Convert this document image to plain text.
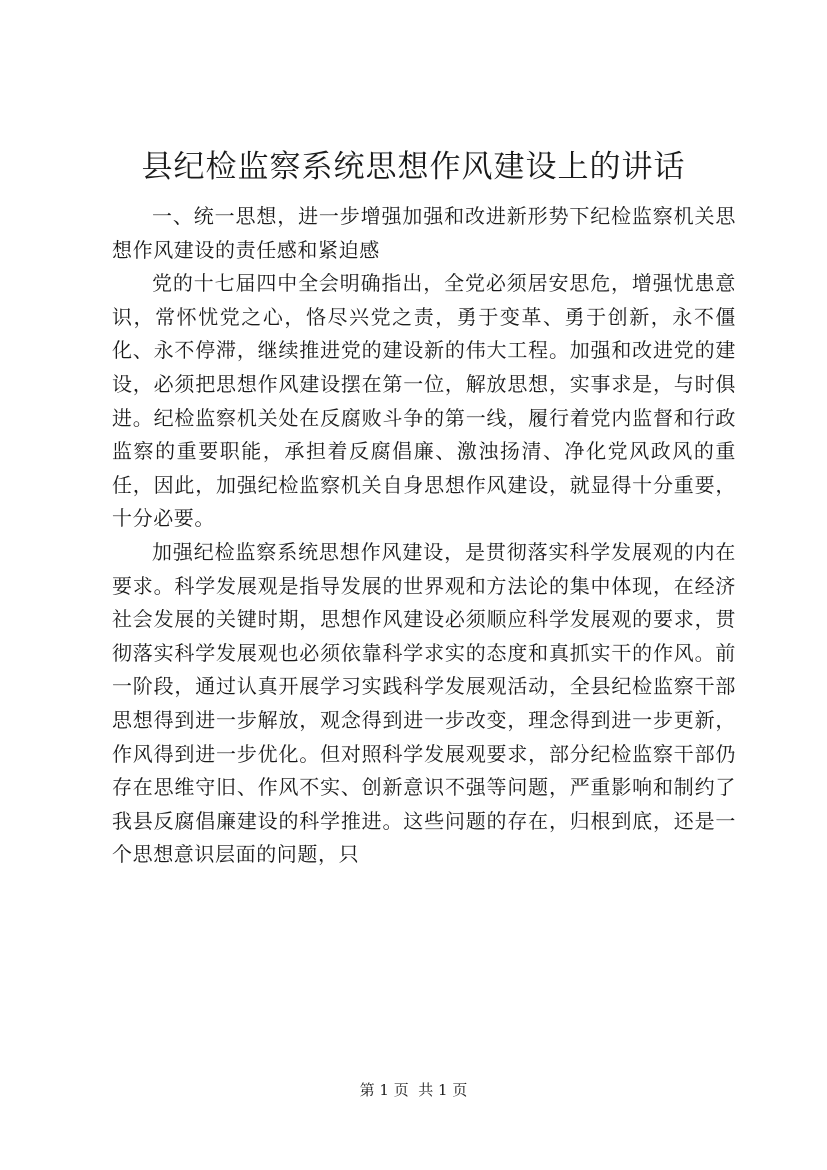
县纪检监察系统思想作风建设上的讲话

一、统一思想，进一步增强加强和改进新形势下纪检监察机关思想作风建设的责任感和紧迫感

党的十七届四中全会明确指出，全党必须居安思危，增强忧患意识，常怀忧党之心，恪尽兴党之责，勇于变革、勇于创新，永不僵化、永不停滞，继续推进党的建设新的伟大工程。加强和改进党的建设，必须把思想作风建设摆在第一位，解放思想，实事求是，与时俱进。纪检监察机关处在反腐败斗争的第一线，履行着党内监督和行政监察的重要职能，承担着反腐倡廉、激浊扬清、净化党风政风的重任，因此，加强纪检监察机关自身思想作风建设，就显得十分重要，十分必要。

加强纪检监察系统思想作风建设，是贯彻落实科学发展观的内在要求。科学发展观是指导发展的世界观和方法论的集中体现，在经济社会发展的关键时期，思想作风建设必须顺应科学发展观的要求，贯彻落实科学发展观也必须依靠科学求实的态度和真抓实干的作风。前一阶段，通过认真开展学习实践科学发展观活动，全县纪检监察干部思想得到进一步解放，观念得到进一步改变，理念得到进一步更新，作风得到进一步优化。但对照科学发展观要求，部分纪检监察干部仍存在思维守旧、作风不实、创新意识不强等问题，严重影响和制约了我县反腐倡廉建设的科学推进。这些问题的存在，归根到底，还是一个思想意识层面的问题，只

第 1 页  共 1 页
